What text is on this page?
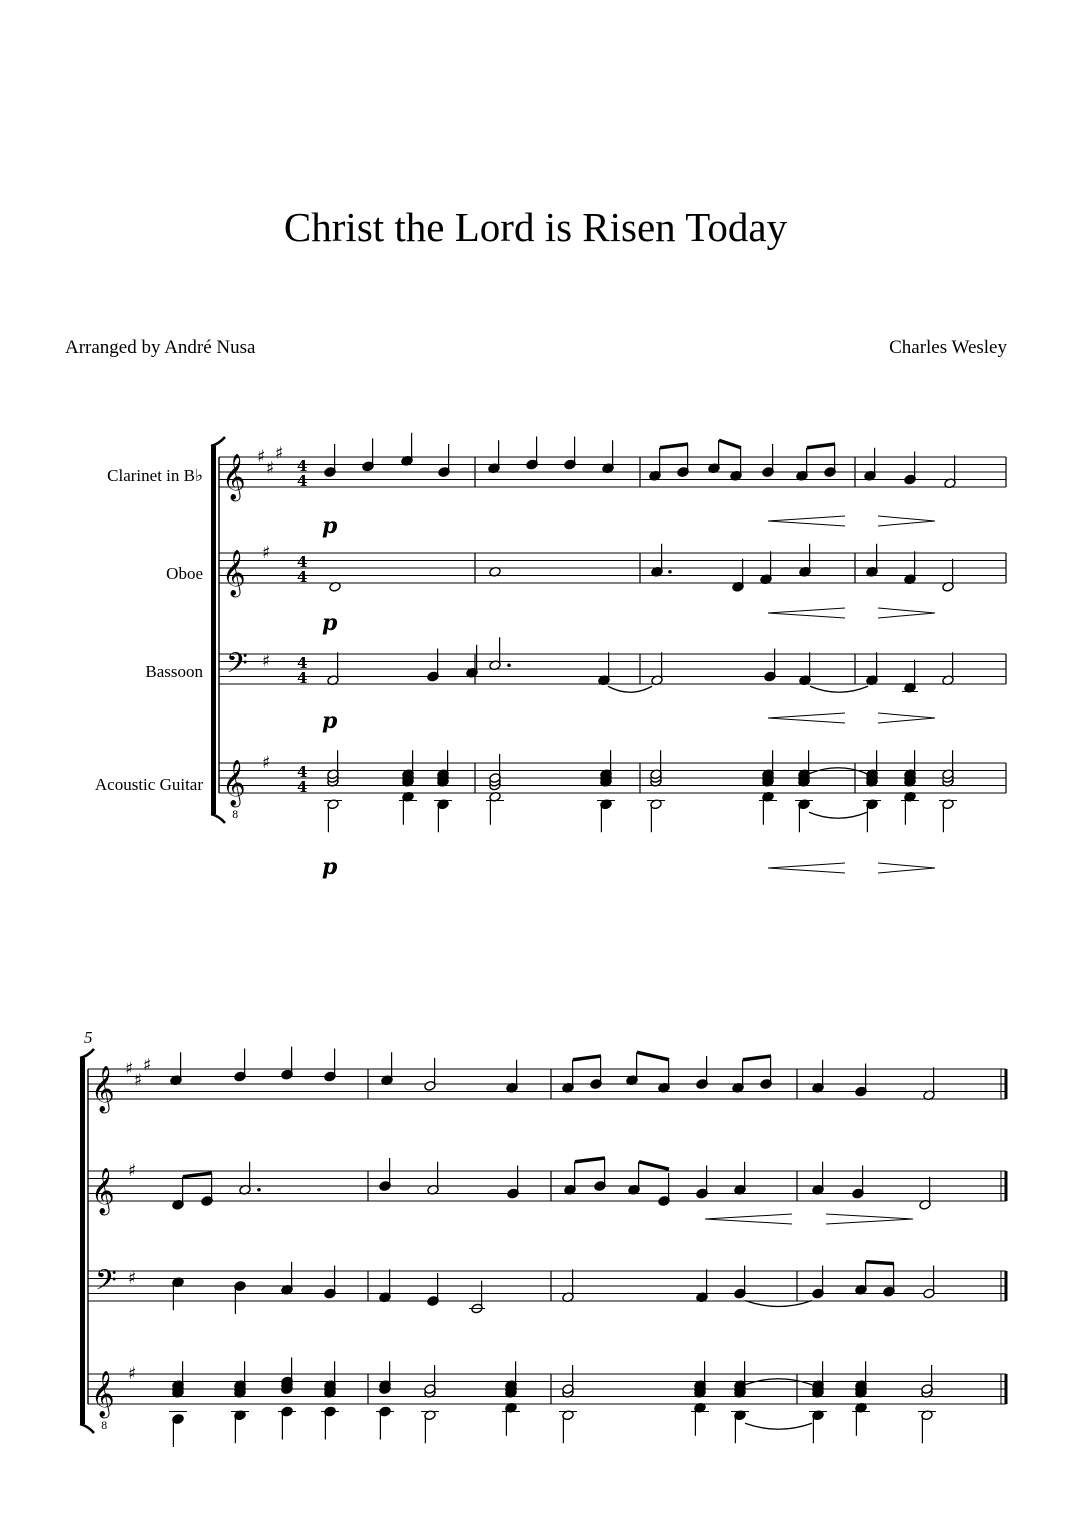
Christ the Lord is Risen Today
Arranged by André Nusa	Charles Wesley
Clarinet in B♭
Oboe
Bassoon
Acoustic Guitar
5
𝄞
𝄞
𝄢
𝄞
8
♯
♯
♯
♯
♯
♯
4
4
4
4
4
4
4
4
p
p
p
p
𝄞
𝄞
𝄢
𝄞
8
♯
♯
♯
♯
♯
♯
